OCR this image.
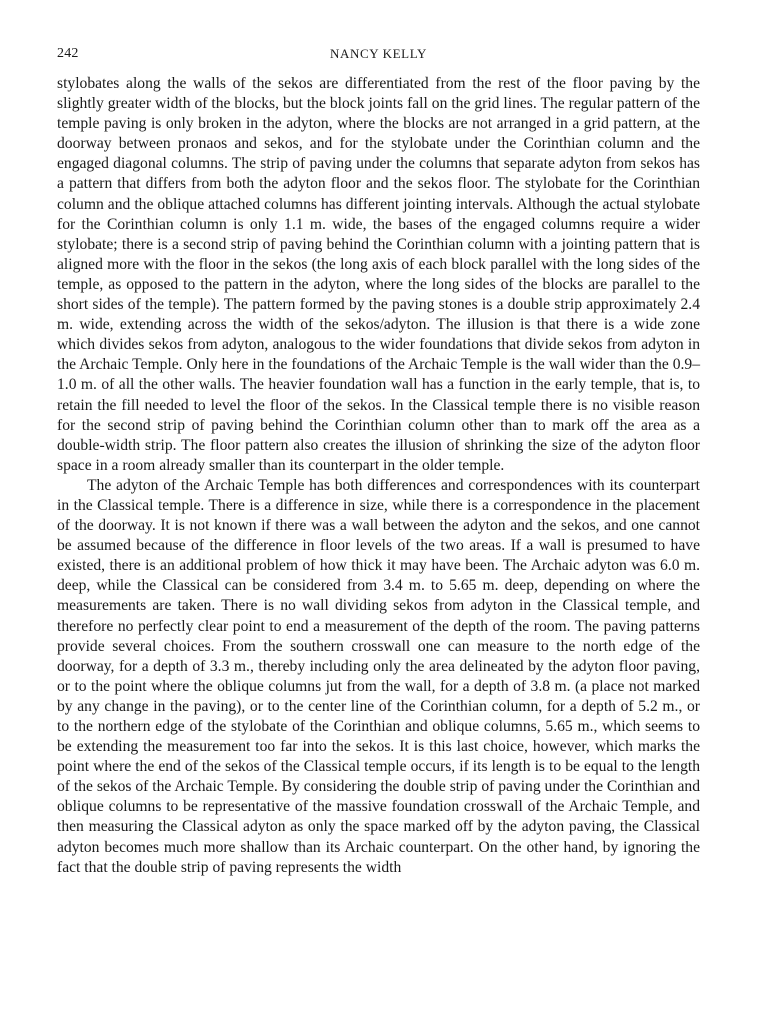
242	NANCY KELLY

stylobates along the walls of the sekos are differentiated from the rest of the floor paving by the slightly greater width of the blocks, but the block joints fall on the grid lines. The regular pattern of the temple paving is only broken in the adyton, where the blocks are not arranged in a grid pattern, at the doorway between pronaos and sekos, and for the stylobate under the Corinthian column and the engaged diagonal columns. The strip of paving under the columns that separate adyton from sekos has a pattern that differs from both the adyton floor and the sekos floor. The stylobate for the Corinthian column and the oblique attached columns has different jointing intervals. Although the actual stylobate for the Corinthian column is only 1.1 m. wide, the bases of the engaged columns require a wider stylobate; there is a second strip of paving behind the Corinthian column with a jointing pattern that is aligned more with the floor in the sekos (the long axis of each block parallel with the long sides of the temple, as opposed to the pattern in the adyton, where the long sides of the blocks are parallel to the short sides of the temple). The pattern formed by the paving stones is a double strip approximately 2.4 m. wide, extending across the width of the sekos/adyton. The illusion is that there is a wide zone which divides sekos from adyton, analogous to the wider foundations that divide sekos from adyton in the Archaic Temple. Only here in the foundations of the Archaic Temple is the wall wider than the 0.9–1.0 m. of all the other walls. The heavier foundation wall has a function in the early temple, that is, to retain the fill needed to level the floor of the sekos. In the Classical temple there is no visible reason for the second strip of paving behind the Corinthian column other than to mark off the area as a double-width strip. The floor pattern also creates the illusion of shrinking the size of the adyton floor space in a room already smaller than its counterpart in the older temple.

The adyton of the Archaic Temple has both differences and correspondences with its counterpart in the Classical temple. There is a difference in size, while there is a correspondence in the placement of the doorway. It is not known if there was a wall between the adyton and the sekos, and one cannot be assumed because of the difference in floor levels of the two areas. If a wall is presumed to have existed, there is an additional problem of how thick it may have been. The Archaic adyton was 6.0 m. deep, while the Classical can be considered from 3.4 m. to 5.65 m. deep, depending on where the measurements are taken. There is no wall dividing sekos from adyton in the Classical temple, and therefore no perfectly clear point to end a measurement of the depth of the room. The paving patterns provide several choices. From the southern crosswall one can measure to the north edge of the doorway, for a depth of 3.3 m., thereby including only the area delineated by the adyton floor paving, or to the point where the oblique columns jut from the wall, for a depth of 3.8 m. (a place not marked by any change in the paving), or to the center line of the Corinthian column, for a depth of 5.2 m., or to the northern edge of the stylobate of the Corinthian and oblique columns, 5.65 m., which seems to be extending the measurement too far into the sekos. It is this last choice, however, which marks the point where the end of the sekos of the Classical temple occurs, if its length is to be equal to the length of the sekos of the Archaic Temple. By considering the double strip of paving under the Corinthian and oblique columns to be representative of the massive foundation crosswall of the Archaic Temple, and then measuring the Classical adyton as only the space marked off by the adyton paving, the Classical adyton becomes much more shallow than its Archaic counterpart. On the other hand, by ignoring the fact that the double strip of paving represents the width
